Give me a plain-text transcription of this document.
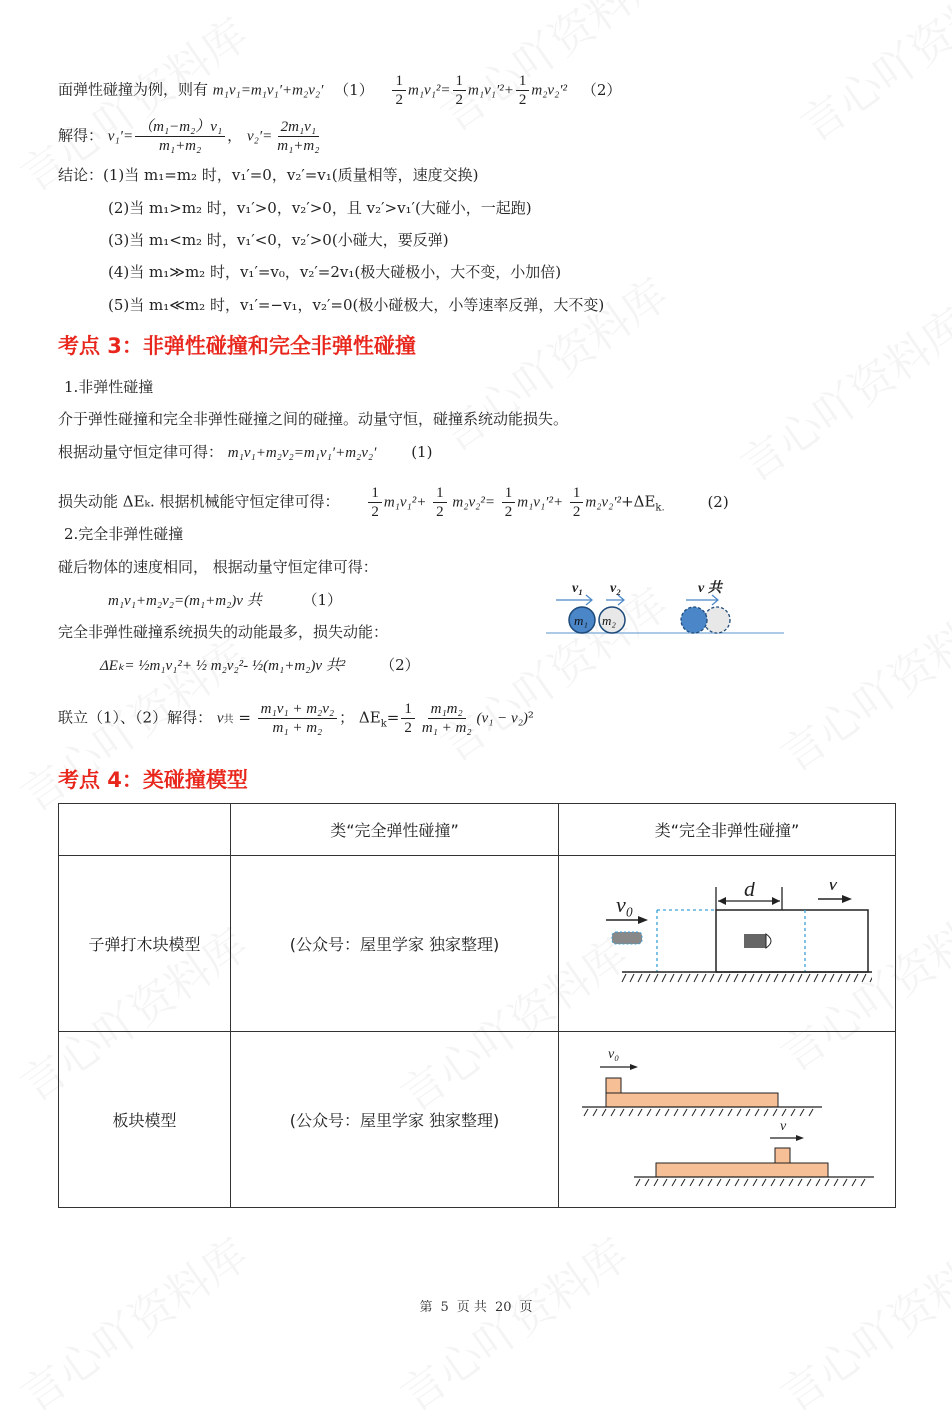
面弹性碰撞为例，则有 m₁v₁=m₁v₁′+m₂v₂′ $(1) \frac{1}{2} m_1v_1^2= \frac{1}{2} m_1v_1'^2+ \frac{1}{2} m_2v_2'^2$ （2）
解得： $v_1'= \frac{\text{（m₁−m₂）v₁}}{\text{m₁+m₂}}$ ， $v_2'= \frac{\text{2m₁v₁}}{\text{m₁+m₂}}$
结论：(1)当 m₁=m₂ 时，v₁′=0，v₂′=v₁(质量相等，速度交换)
(2)当 m₁>m₂ 时，v₁′>0，v₂′>0，且 v₂′>v₁′(大碰小，一起跑)
(3)当 m₁<m₂ 时，v₁′<0，v₂′>0(小碰大，要反弹)
(4)当 m₁≫m₂ 时，v₁′=v₀，v₂′=2v₁(极大碰极小，大不变，小加倍)
(5)当 m₁≪m₂ 时，v₁′=−v₁，v₂′=0(极小碰极大，小等速率反弹，大不变)
考点 3：非弹性碰撞和完全非弹性碰撞
1.非弹性碰撞
介于弹性碰撞和完全非弹性碰撞之间的碰撞。动量守恒，碰撞系统动能损失。
根据动量守恒定律可得： m₁v₁+m₂v₂=m₁v₁′+m₂v₂′ (1)
损失动能 ΔEₖ. 根据机械能守恒定律可得： $\frac{1}{2} m_1v_1^2+ \frac{1}{2} m_2v_2^2= \frac{1}{2} m_1v_1'^2+ \frac{1}{2} m_2v_2'^2+\Delta E_{k.}$	(2)
2.完全非弹性碰撞
碰后物体的速度相同， 根据动量守恒定律可得：
m₁v₁+m₂v₂=(m₁+m₂)v 共	（1）
完全非弹性碰撞系统损失的动能最多，损失动能：
ΔEₖ= ½m₁v₁²+ ½ m₂v₂²- ½(m₁+m₂)v 共² （2）
联立（1）、（2）解得： v共 = $\frac{\text{m₁v₁ + m₂v₂}}{\text{m₁ + m₂}}$ ； $\Delta E_k= \frac{1}{2} \frac{\text{m₁m₂}}{\text{m₁ + m₂}} (v_1 - v_2)^2$
v₁ v₂
m₁ m₂
v 共
考点 4：类碰撞模型
	类“完全弹性碰撞”	类“完全非弹性碰撞”
子弹打木块模型	(公众号：屋里学家 独家整理)	v₀
d v

板块模型	(公众号：屋里学家 独家整理)	v₀
v
第 5 页 共 20 页
